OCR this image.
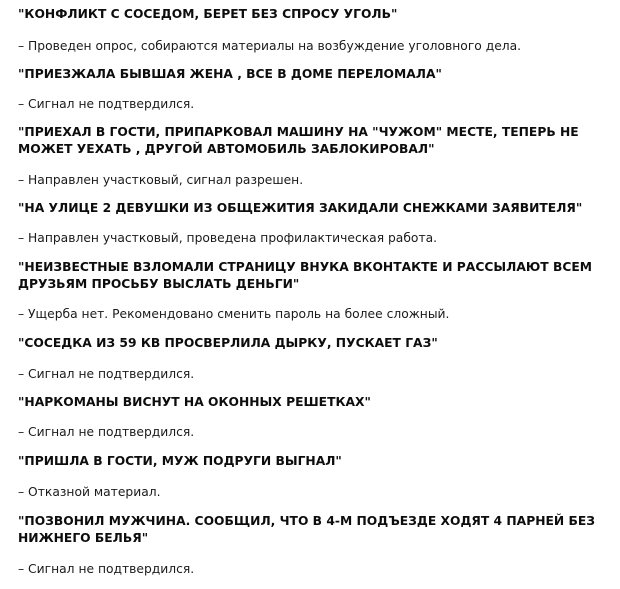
"КОНФЛИКТ С СОСЕДОМ, БЕРЕТ БЕЗ СПРОСУ УГОЛЬ"
– Проведен опрос, собираются материалы на возбуждение уголовного дела.
"ПРИЕЗЖАЛА БЫВШАЯ ЖЕНА , ВСЕ В ДОМЕ ПЕРЕЛОМАЛА"
– Сигнал не подтвердился.
"ПРИЕХАЛ В ГОСТИ, ПРИПАРКОВАЛ МАШИНУ НА "ЧУЖОМ" МЕСТЕ, ТЕПЕРЬ НЕ
МОЖЕТ УЕХАТЬ , ДРУГОЙ АВТОМОБИЛЬ ЗАБЛОКИРОВАЛ"
– Направлен участковый, сигнал разрешен.
"НА УЛИЦЕ 2 ДЕВУШКИ ИЗ ОБЩЕЖИТИЯ ЗАКИДАЛИ СНЕЖКАМИ ЗАЯВИТЕЛЯ"
– Направлен участковый, проведена профилактическая работа.
"НЕИЗВЕСТНЫЕ ВЗЛОМАЛИ СТРАНИЦУ ВНУКА ВКОНТАКТЕ И РАССЫЛАЮТ ВСЕМ
ДРУЗЬЯМ ПРОСЬБУ ВЫСЛАТЬ ДЕНЬГИ"
– Ущерба нет. Рекомендовано сменить пароль на более сложный.
"СОСЕДКА ИЗ 59 КВ ПРОСВЕРЛИЛА ДЫРКУ, ПУСКАЕТ ГАЗ"
– Сигнал не подтвердился.
"НАРКОМАНЫ ВИСНУТ НА ОКОННЫХ РЕШЕТКАХ"
– Сигнал не подтвердился.
"ПРИШЛА В ГОСТИ, МУЖ ПОДРУГИ ВЫГНАЛ"
– Отказной материал.
"ПОЗВОНИЛ МУЖЧИНА. СООБЩИЛ, ЧТО В 4-М ПОДЪЕЗДЕ ХОДЯТ 4 ПАРНЕЙ БЕЗ
НИЖНЕГО БЕЛЬЯ"
– Сигнал не подтвердился.
